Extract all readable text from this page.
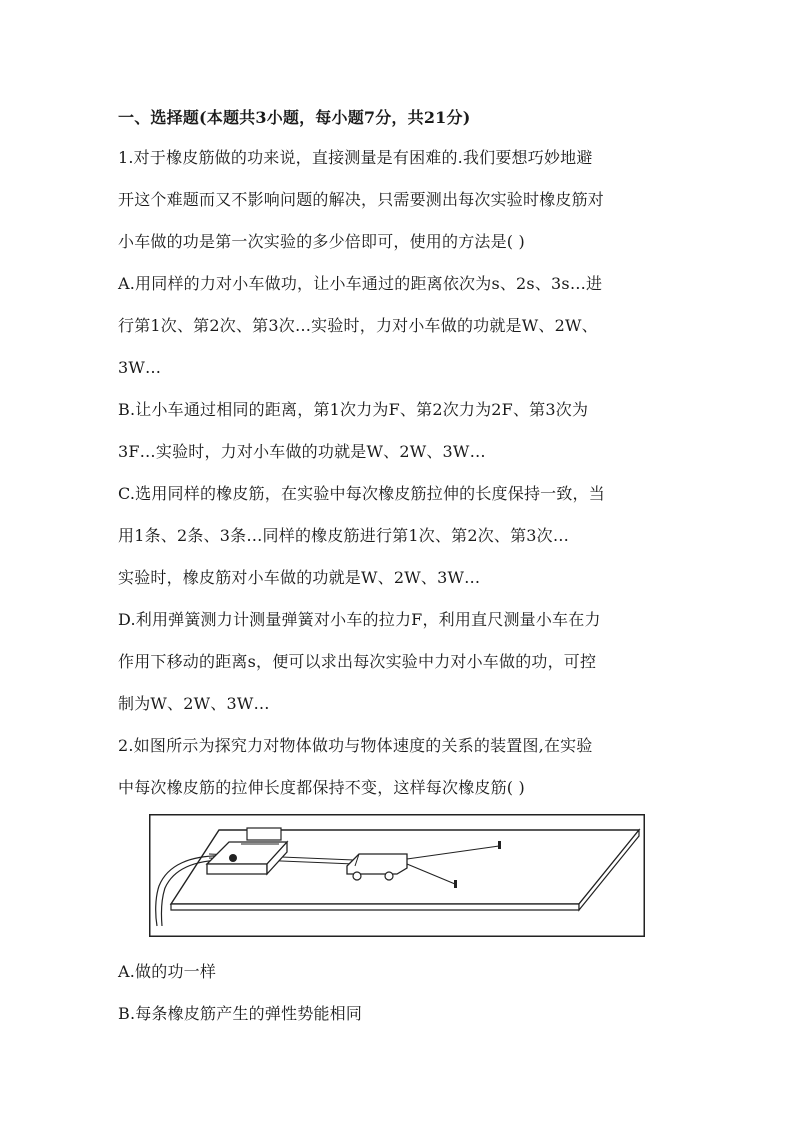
一、选择题(本题共3小题，每小题7分，共21分)
1.对于橡皮筋做的功来说，直接测量是有困难的.我们要想巧妙地避
开这个难题而又不影响问题的解决，只需要测出每次实验时橡皮筋对
小车做的功是第一次实验的多少倍即可，使用的方法是( )
A.用同样的力对小车做功，让小车通过的距离依次为s、2s、3s…进
行第1次、第2次、第3次…实验时，力对小车做的功就是W、2W、
3W…
B.让小车通过相同的距离，第1次力为F、第2次力为2F、第3次为
3F…实验时，力对小车做的功就是W、2W、3W…
C.选用同样的橡皮筋，在实验中每次橡皮筋拉伸的长度保持一致，当
用1条、2条、3条…同样的橡皮筋进行第1次、第2次、第3次…
实验时，橡皮筋对小车做的功就是W、2W、3W…
D.利用弹簧测力计测量弹簧对小车的拉力F，利用直尺测量小车在力
作用下移动的距离s，便可以求出每次实验中力对小车做的功，可控
制为W、2W、3W…
2.如图所示为探究力对物体做功与物体速度的关系的装置图,在实验
中每次橡皮筋的拉伸长度都保持不变，这样每次橡皮筋( )
A.做的功一样
B.每条橡皮筋产生的弹性势能相同
